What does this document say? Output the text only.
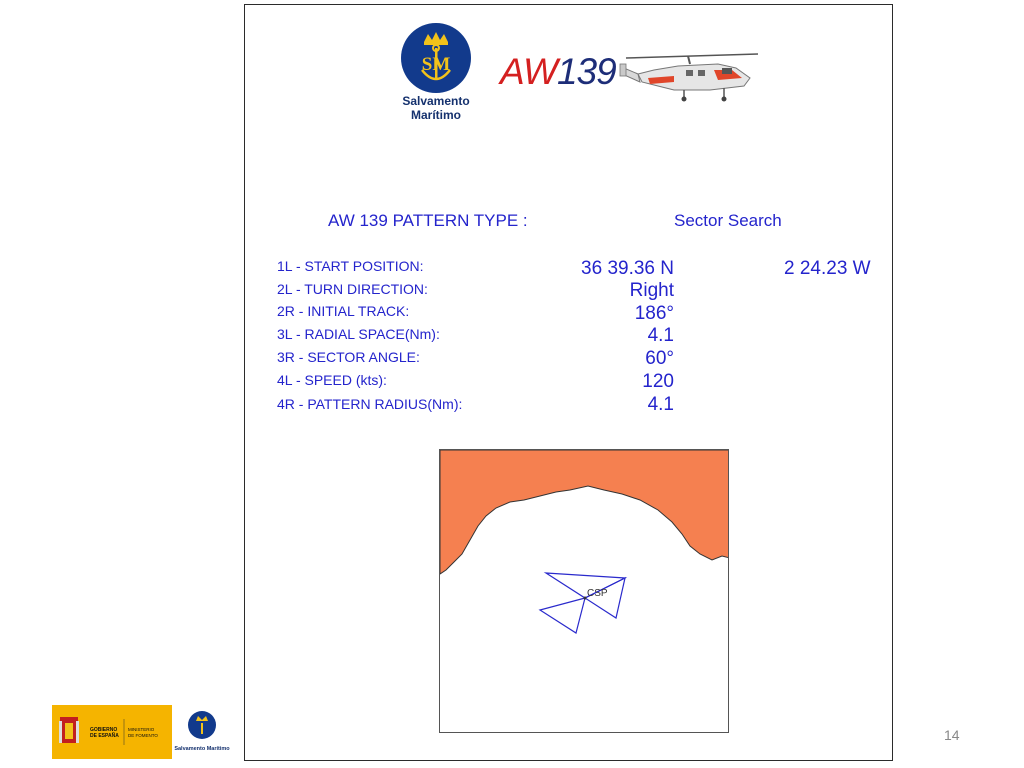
SM
Salvamento
Marítimo
AW139
AW 139 PATTERN TYPE :	Sector Search
1L - START POSITION:
2L - TURN DIRECTION:
2R - INITIAL TRACK:
3L - RADIAL SPACE(Nm):
3R - SECTOR ANGLE:
4L - SPEED (kts):
4R - PATTERN RADIUS(Nm):
36 39.36 N
Right
186°
4.1
60°
120
4.1
2 24.23 W
CSP
GOBIERNO
DE ESPAÑA
MINISTERIO
DE FOMENTO
Salvamento Marítimo
14
